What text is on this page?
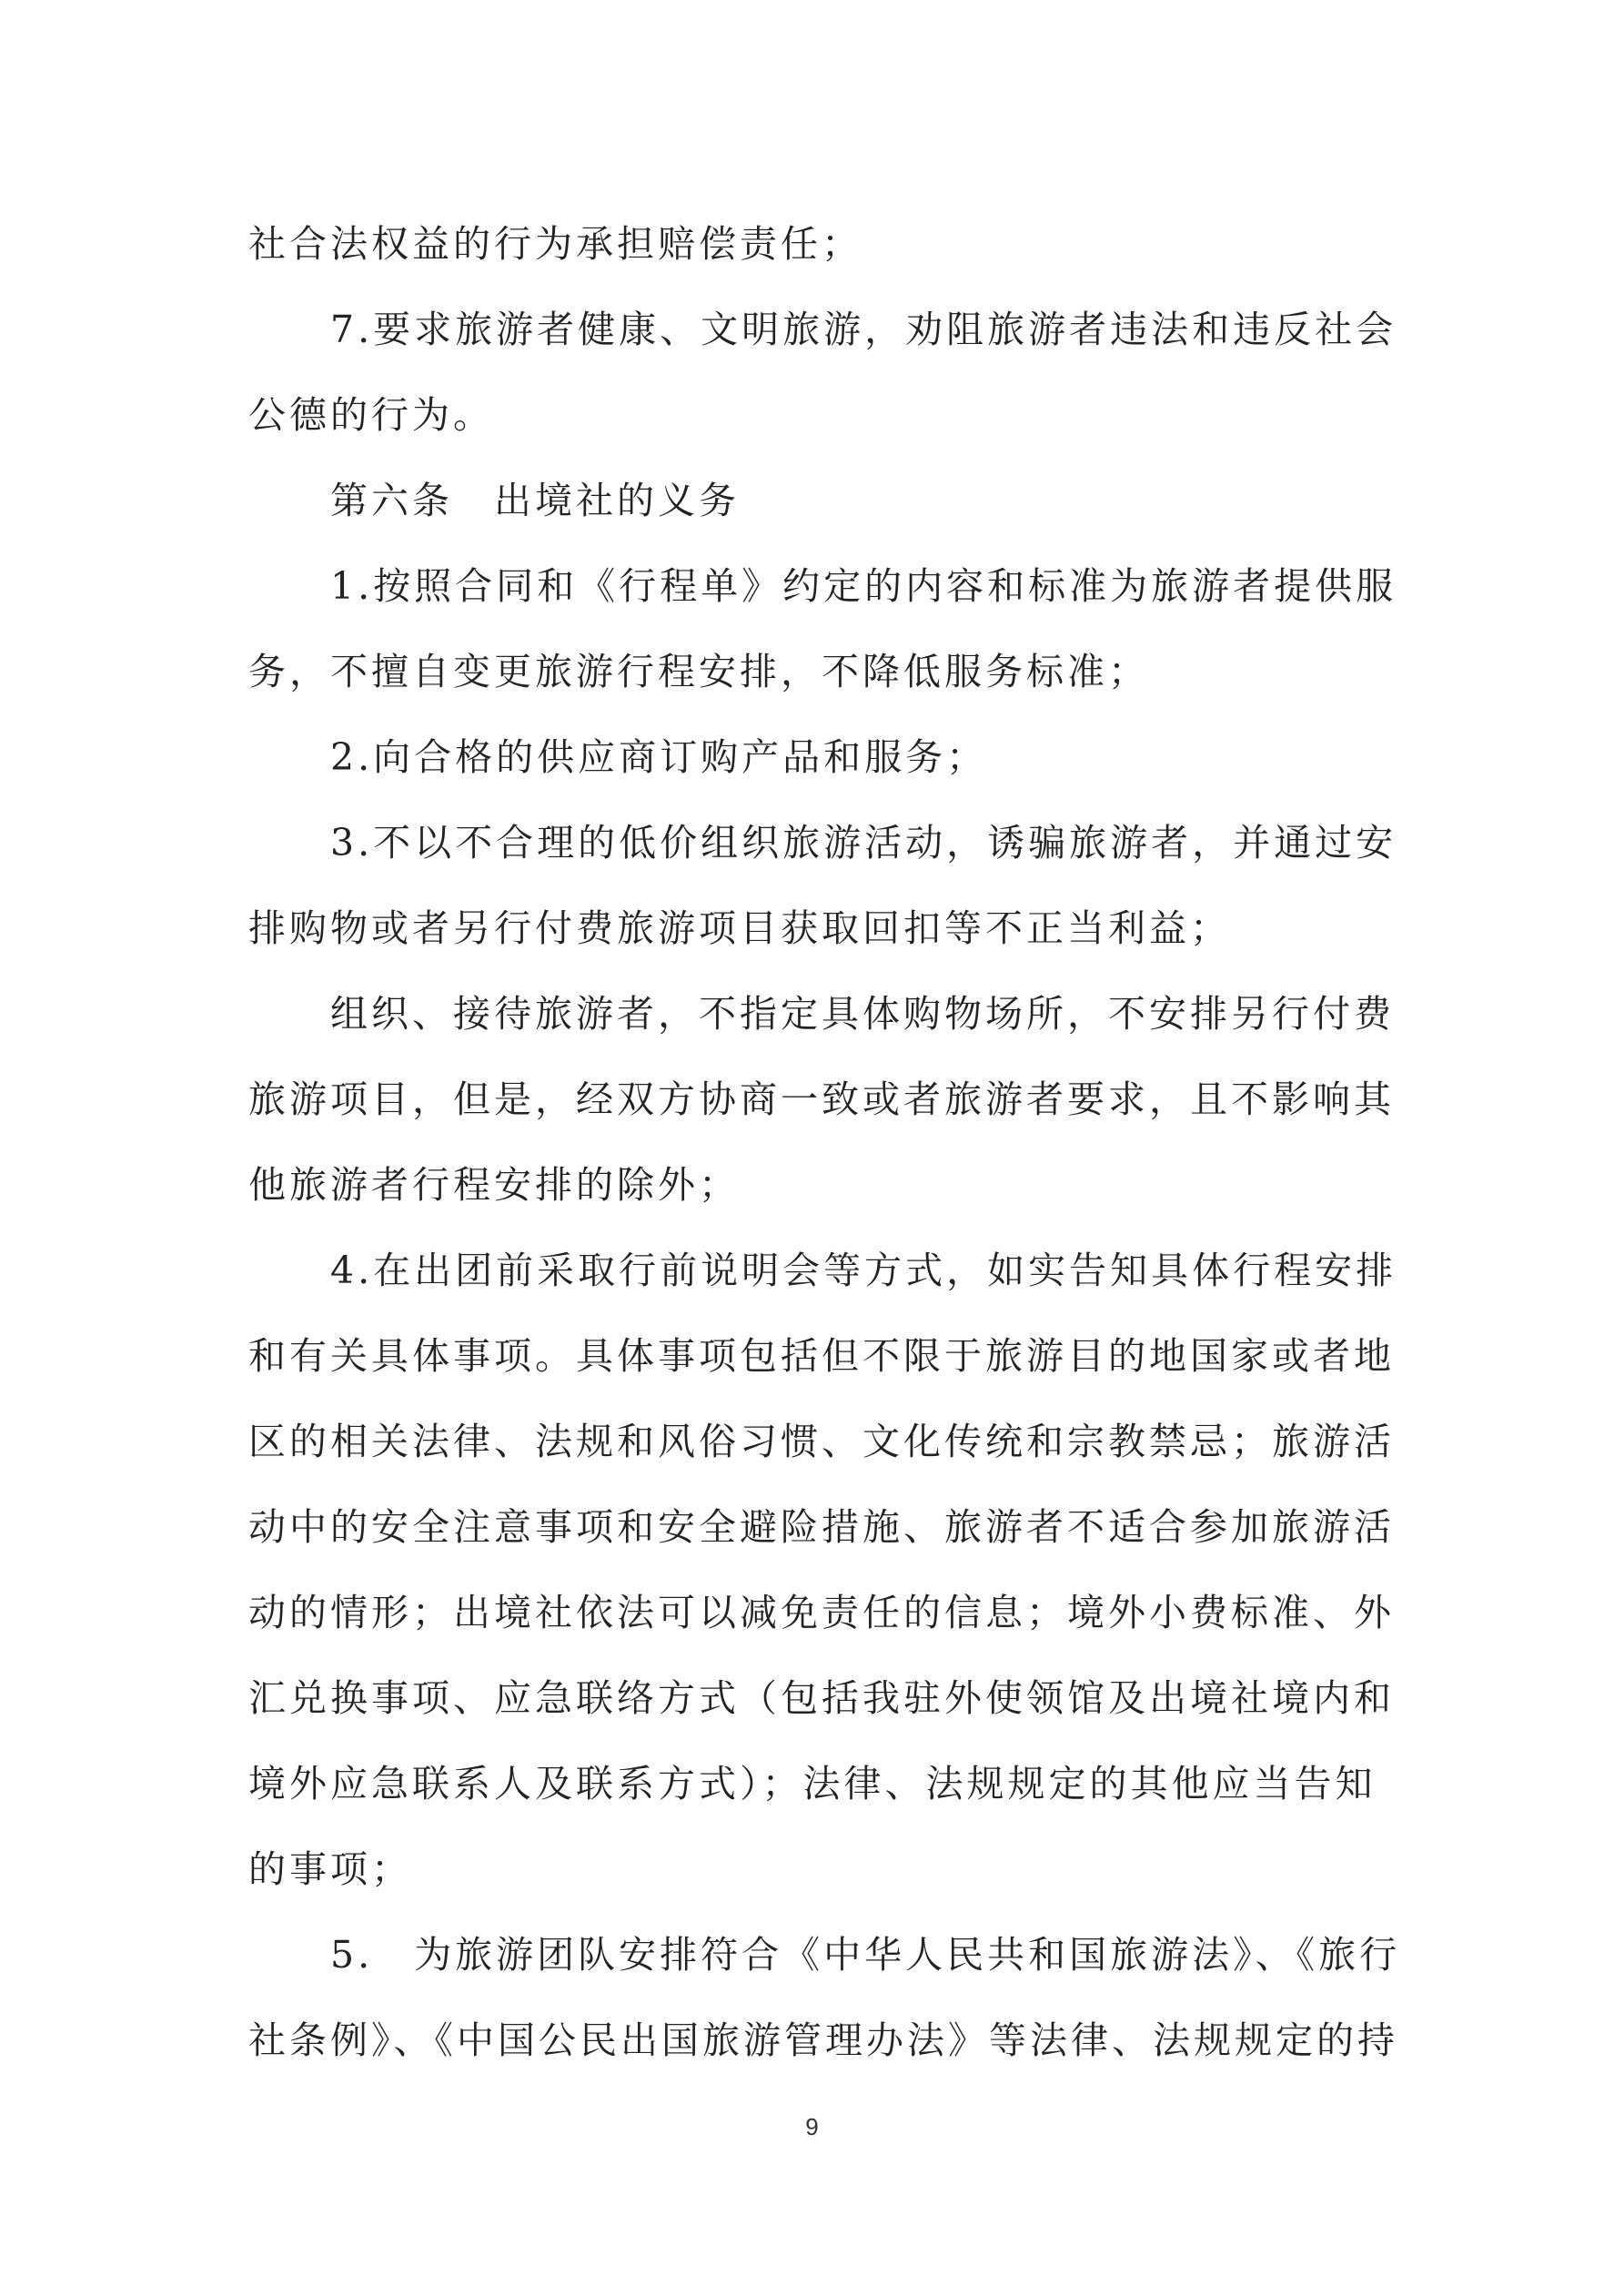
社合法权益的行为承担赔偿责任；
7.要求旅游者健康、文明旅游，劝阻旅游者违法和违反社会
公德的行为。
第六条　出境社的义务
1.按照合同和《行程单》约定的内容和标准为旅游者提供服
务，不擅自变更旅游行程安排，不降低服务标准；
2.向合格的供应商订购产品和服务；
3.不以不合理的低价组织旅游活动，诱骗旅游者，并通过安
排购物或者另行付费旅游项目获取回扣等不正当利益；
组织、接待旅游者，不指定具体购物场所，不安排另行付费
旅游项目，但是，经双方协商一致或者旅游者要求，且不影响其
他旅游者行程安排的除外；
4.在出团前采取行前说明会等方式，如实告知具体行程安排
和有关具体事项。具体事项包括但不限于旅游目的地国家或者地
区的相关法律、法规和风俗习惯、文化传统和宗教禁忌；旅游活
动中的安全注意事项和安全避险措施、旅游者不适合参加旅游活
动的情形；出境社依法可以减免责任的信息；境外小费标准、外
汇兑换事项、应急联络方式（包括我驻外使领馆及出境社境内和
境外应急联系人及联系方式）；法律、法规规定的其他应当告知
的事项；
5.　为旅游团队安排符合《中华人民共和国旅游法》、《旅行
社条例》、《中国公民出国旅游管理办法》等法律、法规规定的持
9
